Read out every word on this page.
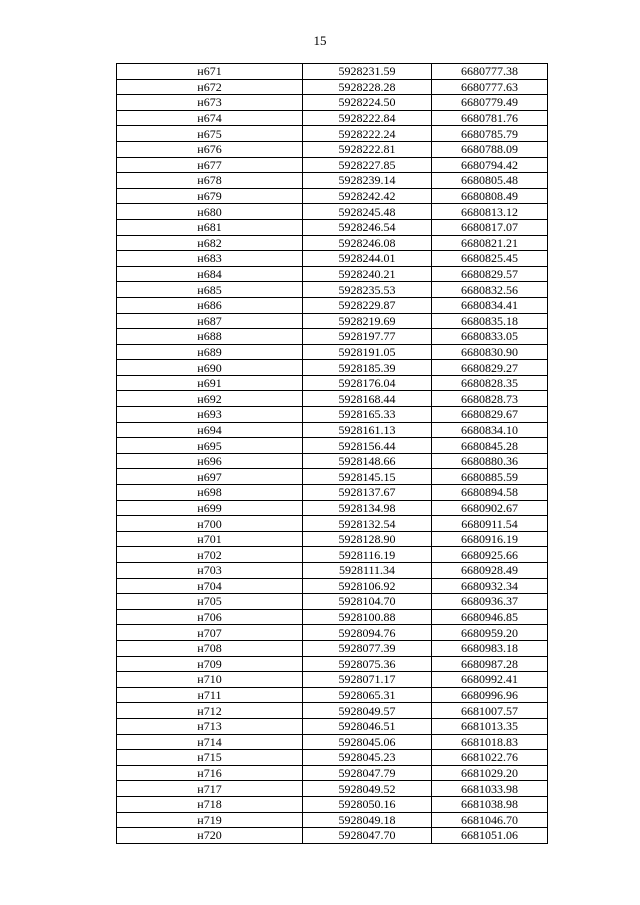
15
н671	5928231.59	6680777.38
н672	5928228.28	6680777.63
н673	5928224.50	6680779.49
н674	5928222.84	6680781.76
н675	5928222.24	6680785.79
н676	5928222.81	6680788.09
н677	5928227.85	6680794.42
н678	5928239.14	6680805.48
н679	5928242.42	6680808.49
н680	5928245.48	6680813.12
н681	5928246.54	6680817.07
н682	5928246.08	6680821.21
н683	5928244.01	6680825.45
н684	5928240.21	6680829.57
н685	5928235.53	6680832.56
н686	5928229.87	6680834.41
н687	5928219.69	6680835.18
н688	5928197.77	6680833.05
н689	5928191.05	6680830.90
н690	5928185.39	6680829.27
н691	5928176.04	6680828.35
н692	5928168.44	6680828.73
н693	5928165.33	6680829.67
н694	5928161.13	6680834.10
н695	5928156.44	6680845.28
н696	5928148.66	6680880.36
н697	5928145.15	6680885.59
н698	5928137.67	6680894.58
н699	5928134.98	6680902.67
н700	5928132.54	6680911.54
н701	5928128.90	6680916.19
н702	5928116.19	6680925.66
н703	5928111.34	6680928.49
н704	5928106.92	6680932.34
н705	5928104.70	6680936.37
н706	5928100.88	6680946.85
н707	5928094.76	6680959.20
н708	5928077.39	6680983.18
н709	5928075.36	6680987.28
н710	5928071.17	6680992.41
н711	5928065.31	6680996.96
н712	5928049.57	6681007.57
н713	5928046.51	6681013.35
н714	5928045.06	6681018.83
н715	5928045.23	6681022.76
н716	5928047.79	6681029.20
н717	5928049.52	6681033.98
н718	5928050.16	6681038.98
н719	5928049.18	6681046.70
н720	5928047.70	6681051.06
